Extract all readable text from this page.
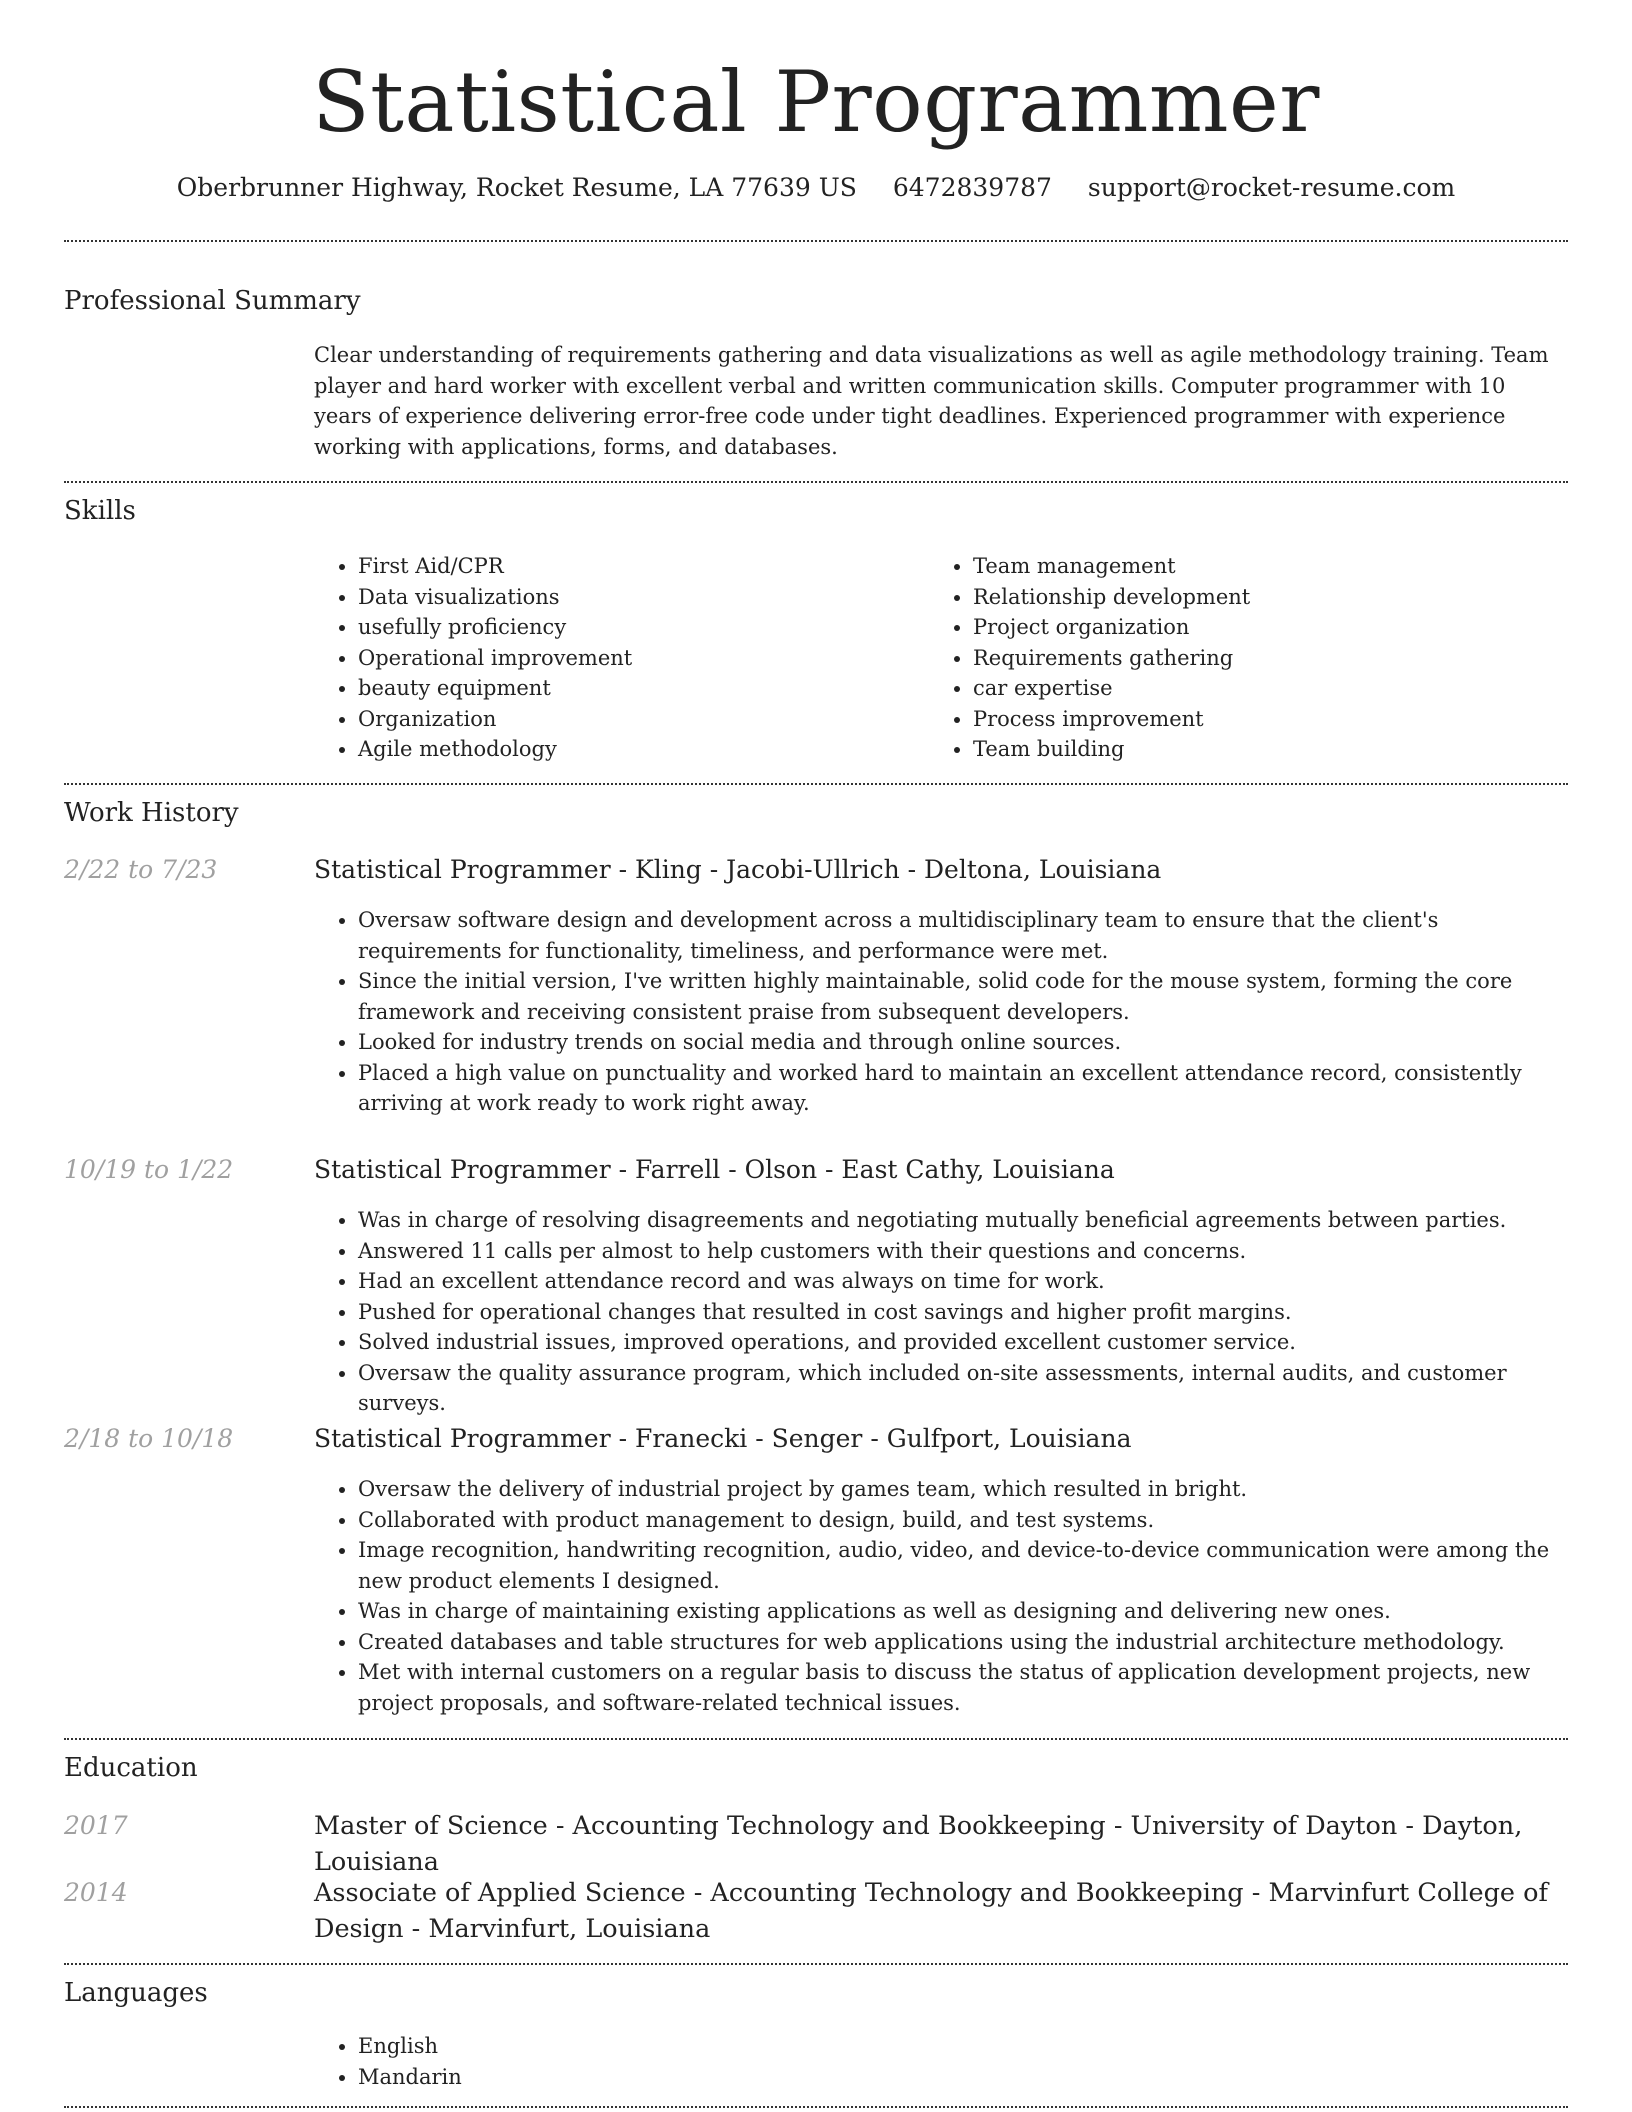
Statistical Programmer
Oberbrunner Highway, Rocket Resume, LA 77639 US 6472839787 support@rocket-resume.com
Professional Summary
Clear understanding of requirements gathering and data visualizations as well as agile methodology training. Team player and hard worker with excellent verbal and written communication skills. Computer programmer with 10 years of experience delivering error-free code under tight deadlines. Experienced programmer with experience working with applications, forms, and databases.
Skills
• First Aid/CPR
• Data visualizations
• usefully proficiency
• Operational improvement
• beauty equipment
• Organization
• Agile methodology
• Team management
• Relationship development
• Project organization
• Requirements gathering
• car expertise
• Process improvement
• Team building
Work History
2/22 to 7/23	Statistical Programmer - Kling - Jacobi-Ullrich - Deltona, Louisiana
• Oversaw software design and development across a multidisciplinary team to ensure that the client's requirements for functionality, timeliness, and performance were met.
• Since the initial version, I've written highly maintainable, solid code for the mouse system, forming the core framework and receiving consistent praise from subsequent developers.
• Looked for industry trends on social media and through online sources.
• Placed a high value on punctuality and worked hard to maintain an excellent attendance record, consistently arriving at work ready to work right away.
10/19 to 1/22	Statistical Programmer - Farrell - Olson - East Cathy, Louisiana
• Was in charge of resolving disagreements and negotiating mutually beneficial agreements between parties.
• Answered 11 calls per almost to help customers with their questions and concerns.
• Had an excellent attendance record and was always on time for work.
• Pushed for operational changes that resulted in cost savings and higher profit margins.
• Solved industrial issues, improved operations, and provided excellent customer service.
• Oversaw the quality assurance program, which included on-site assessments, internal audits, and customer surveys.
2/18 to 10/18	Statistical Programmer - Franecki - Senger - Gulfport, Louisiana
• Oversaw the delivery of industrial project by games team, which resulted in bright.
• Collaborated with product management to design, build, and test systems.
• Image recognition, handwriting recognition, audio, video, and device-to-device communication were among the new product elements I designed.
• Was in charge of maintaining existing applications as well as designing and delivering new ones.
• Created databases and table structures for web applications using the industrial architecture methodology.
• Met with internal customers on a regular basis to discuss the status of application development projects, new project proposals, and software-related technical issues.
Education
2017	Master of Science - Accounting Technology and Bookkeeping - University of Dayton - Dayton, Louisiana
2014	Associate of Applied Science - Accounting Technology and Bookkeeping - Marvinfurt College of Design - Marvinfurt, Louisiana
Languages
• English
• Mandarin
